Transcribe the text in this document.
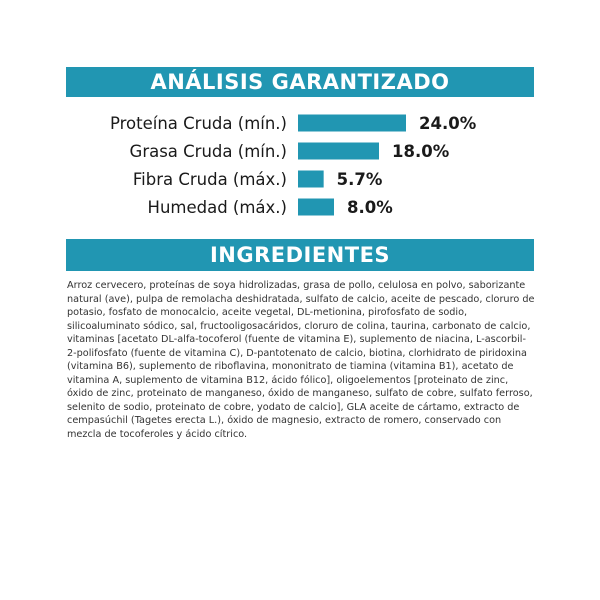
ANÁLISIS GARANTIZADO
Proteína Cruda (mín.)	24.0%
Grasa Cruda (mín.)	18.0%
Fibra Cruda (máx.)	5.7%
Humedad (máx.)	8.0%
INGREDIENTES
Arroz cervecero, proteínas de soya hidrolizadas, grasa de pollo, celulosa en polvo, saborizante natural (ave), pulpa de remolacha deshidratada, sulfato de calcio, aceite de pescado, cloruro de potasio, fosfato de monocalcio, aceite vegetal, DL-metionina, pirofosfato de sodio, silicoaluminato sódico, sal, fructooligosacáridos, cloruro de colina, taurina, carbonato de calcio, vitaminas [acetato DL-alfa-tocoferol (fuente de vitamina E), suplemento de niacina, L-ascorbil-2-polifosfato (fuente de vitamina C), D-pantotenato de calcio, biotina, clorhidrato de piridoxina (vitamina B6), suplemento de riboflavina, mononitrato de tiamina (vitamina B1), acetato de vitamina A, suplemento de vitamina B12, ácido fólico], oligoelementos [proteinato de zinc, óxido de zinc, proteinato de manganeso, óxido de manganeso, sulfato de cobre, sulfato ferroso, selenito de sodio, proteinato de cobre, yodato de calcio], GLA aceite de cártamo, extracto de cempasúchil (Tagetes erecta L.), óxido de magnesio, extracto de romero, conservado con mezcla de tocoferoles y ácido cítrico.
